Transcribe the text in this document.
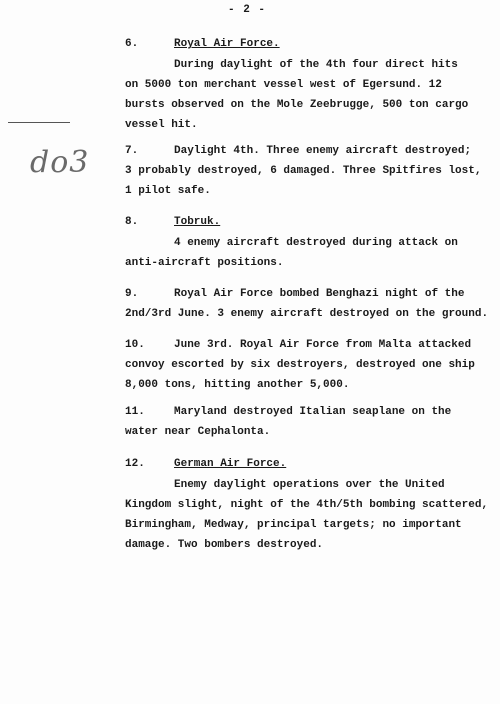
- 2 -
do3
6.	Royal Air Force.
During daylight of the 4th four direct hits
on 5000 ton merchant vessel west of Egersund. 12
bursts observed on the Mole Zeebrugge, 500 ton cargo
vessel hit.
7.	Daylight 4th. Three enemy aircraft destroyed;
3 probably destroyed, 6 damaged. Three Spitfires lost,
1 pilot safe.
8.	Tobruk.
4 enemy aircraft destroyed during attack on
anti-aircraft positions.
9.	Royal Air Force bombed Benghazi night of the
2nd/3rd June. 3 enemy aircraft destroyed on the ground.
10.	June 3rd. Royal Air Force from Malta attacked
convoy escorted by six destroyers, destroyed one ship
8,000 tons, hitting another 5,000.
11.	Maryland destroyed Italian seaplane on the
water near Cephalonta.
12.	German Air Force.
Enemy daylight operations over the United
Kingdom slight, night of the 4th/5th bombing scattered,
Birmingham, Medway, principal targets; no important
damage. Two bombers destroyed.
